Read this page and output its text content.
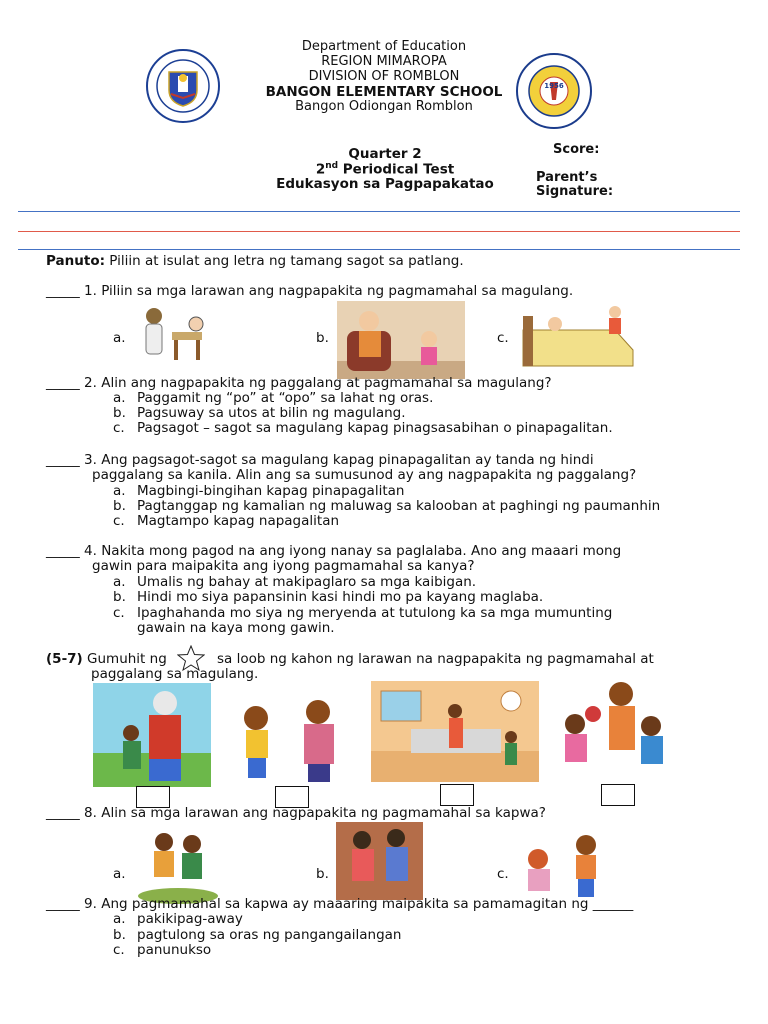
1956
Department of Education
REGION MIMAROPA
DIVISION OF ROMBLON
BANGON ELEMENTARY SCHOOL
Bangon Odiongan Romblon
Quarter 2
2nd Periodical Test
Edukasyon sa Pagpapakatao
Score:
Parent’s
Signature:
Panuto: Piliin at isulat ang letra ng tamang sagot sa patlang.
_____ 1. Piliin sa mga larawan ang nagpapakita ng pagmamahal sa magulang.
a.	b.	c.
_____ 2. Alin ang nagpapakita ng paggalang at pagmamahal sa magulang?
a. Paggamit ng “po” at “opo” sa lahat ng oras.
b. Pagsuway sa utos at bilin ng magulang.
c. Pagsagot – sagot sa magulang kapag pinagsasabihan o pinapagalitan.
_____ 3. Ang pagsagot-sagot sa magulang kapag pinapagalitan ay tanda ng hindi
paggalang sa kanila. Alin ang sa sumusunod ay ang nagpapakita ng paggalang?
a. Magbingi-bingihan kapag pinapagalitan
b. Pagtanggap ng kamalian ng maluwag sa kalooban at paghingi ng paumanhin
c. Magtampo kapag napagalitan
_____ 4. Nakita mong pagod na ang iyong nanay sa paglalaba. Ano ang maaari mong
gawin para maipakita ang iyong pagmamahal sa kanya?
a. Umalis ng bahay at makipaglaro sa mga kaibigan.
b. Hindi mo siya papansinin kasi hindi mo pa kayang maglaba.
c. Ipaghahanda mo siya ng meryenda at tutulong ka sa mga mumunting
gawain na kaya mong gawin.
(5-7) Gumuhit ng	sa loob ng kahon ng larawan na nagpapakita ng pagmamahal at
paggalang sa magulang.
_____ 8. Alin sa mga larawan ang nagpapakita ng pagmamahal sa kapwa?
a.	b.	c.
_____ 9. Ang pagmamahal sa kapwa ay maaaring maipakita sa pamamagitan ng ______
a. pakikipag-away
b. pagtulong sa oras ng pangangailangan
c. panunukso
